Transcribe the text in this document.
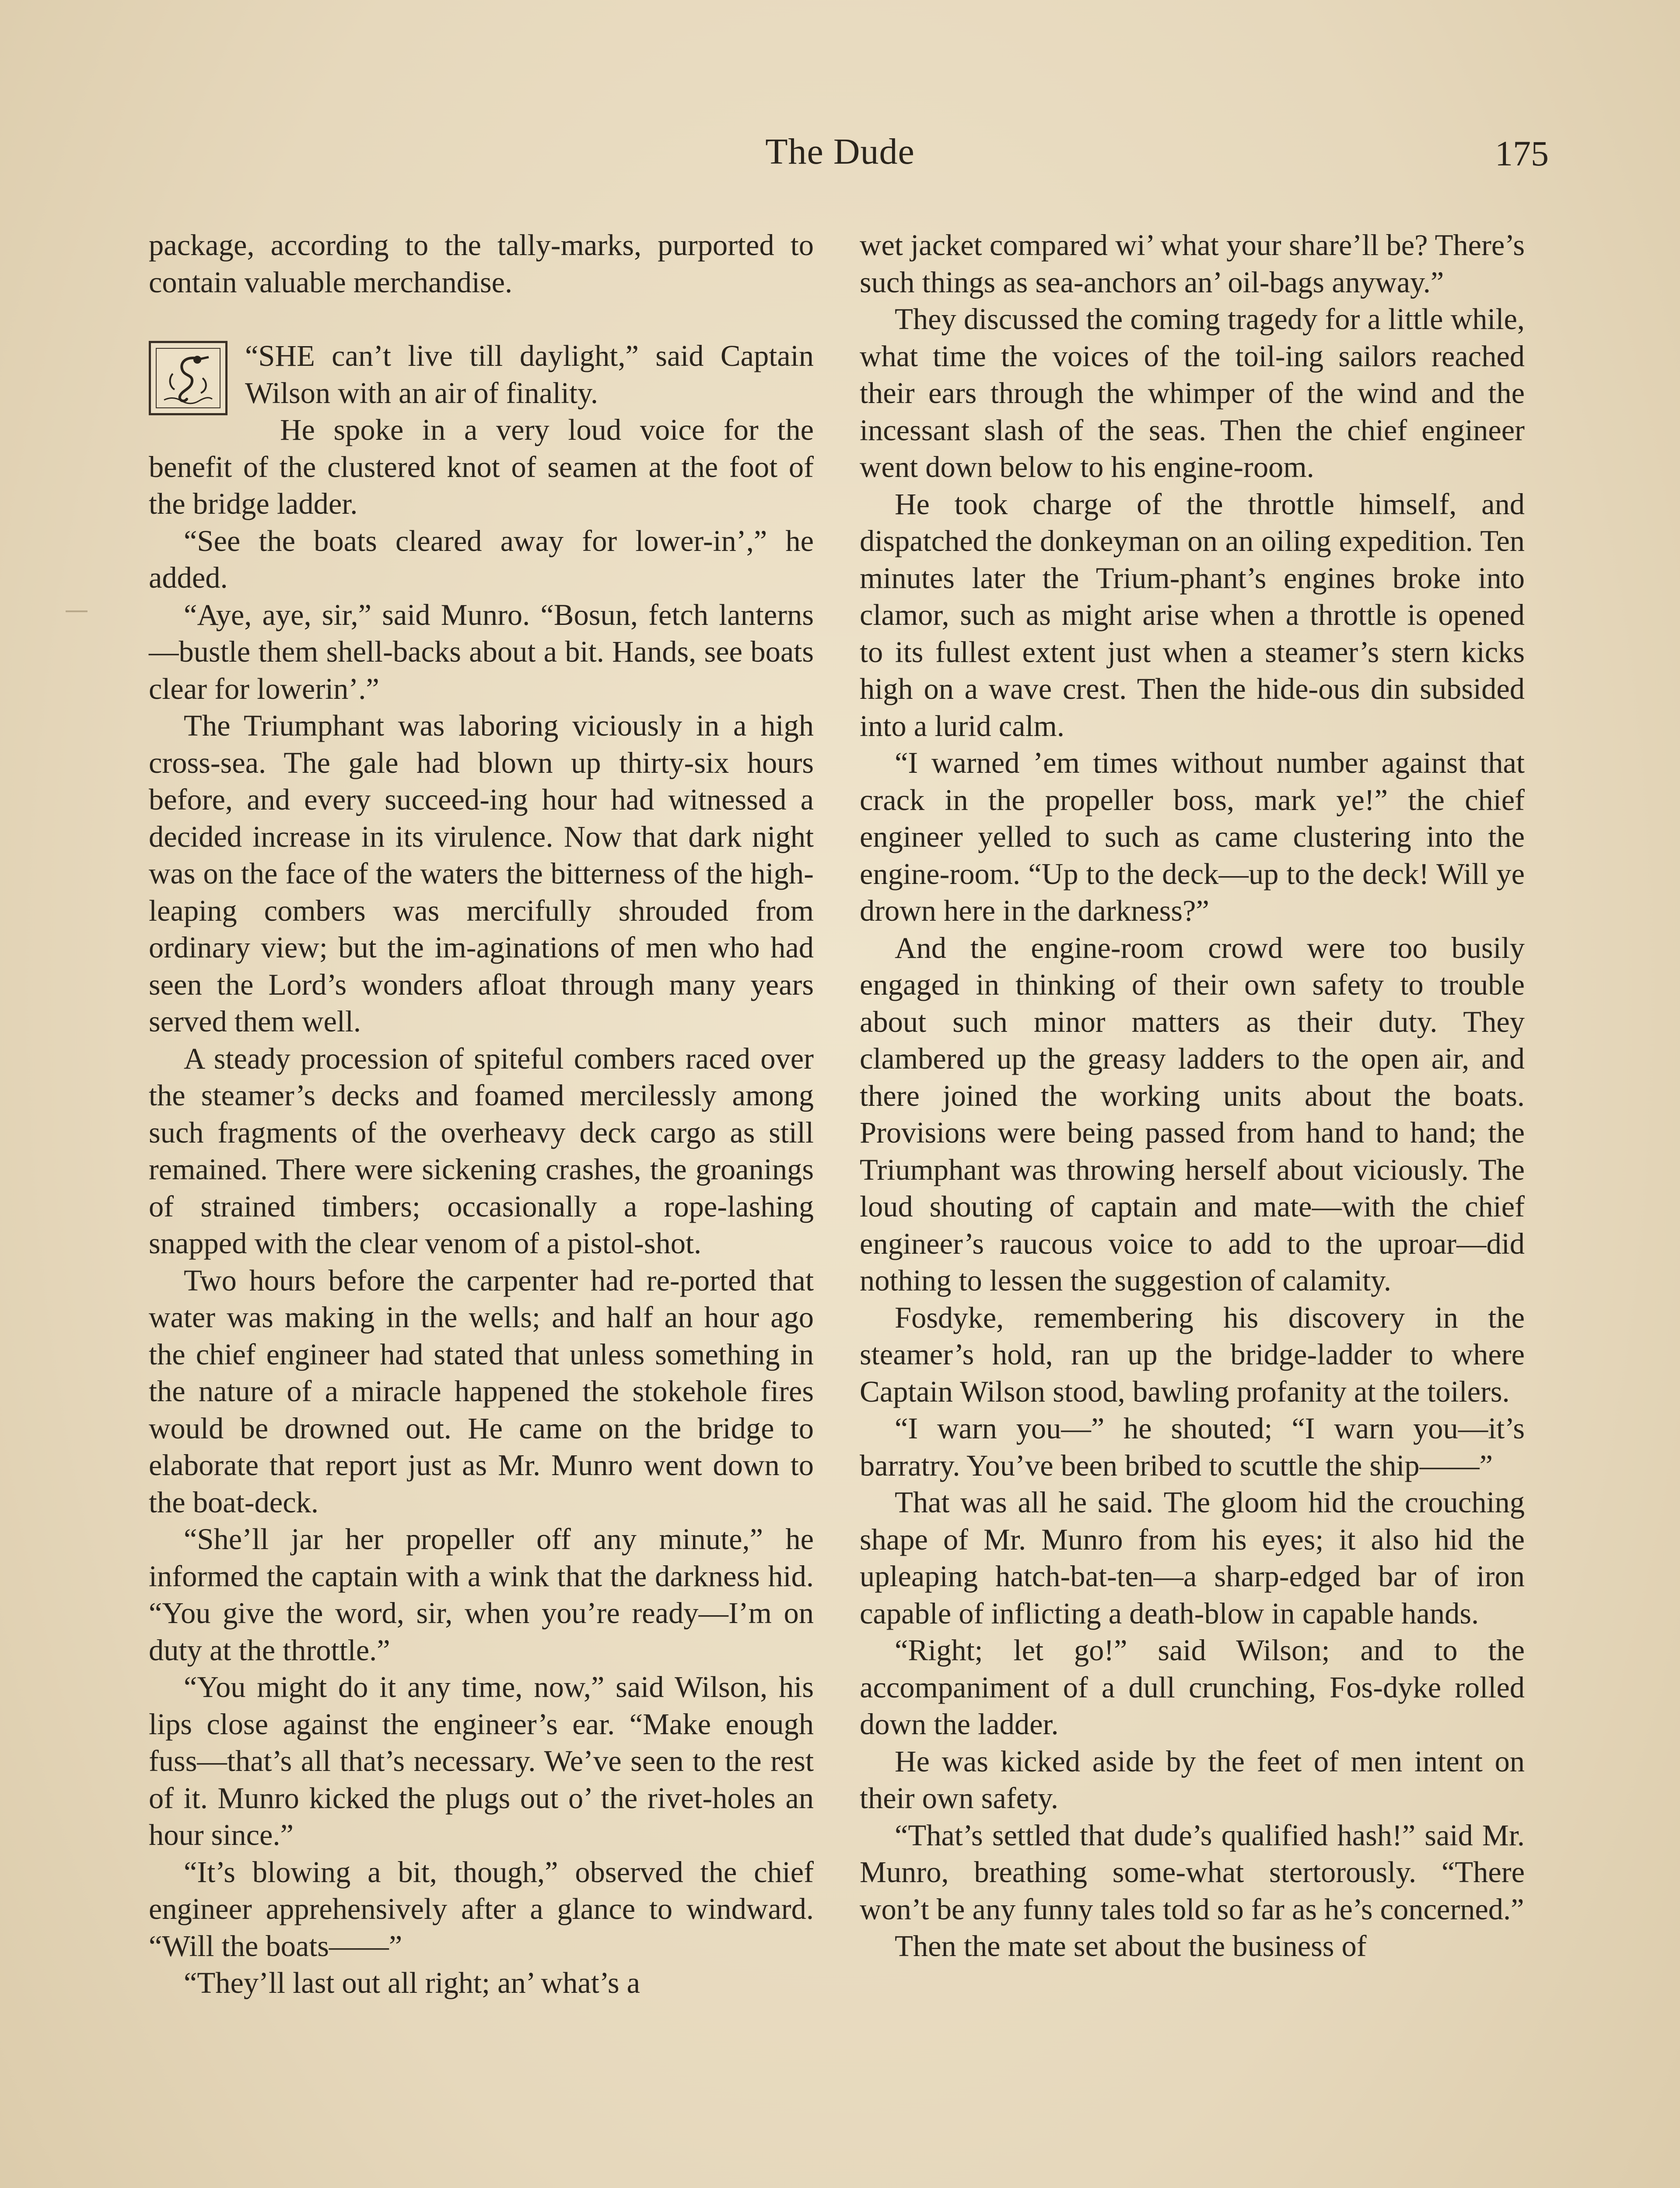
The Dude	175

package, according to the tally-marks, purported to contain valuable merchandise.

“SHE can’t live till daylight,” said Captain Wilson with an air of finality.

He spoke in a very loud voice for the benefit of the clustered knot of seamen at the foot of the bridge ladder.

“See the boats cleared away for lower-in’,” he added.

“Aye, aye, sir,” said Munro. “Bosun, fetch lanterns—bustle them shell-backs about a bit. Hands, see boats clear for lowerin’.”

The Triumphant was laboring viciously in a high cross-sea. The gale had blown up thirty-six hours before, and every succeed-ing hour had witnessed a decided increase in its virulence. Now that dark night was on the face of the waters the bitterness of the high-leaping combers was mercifully shrouded from ordinary view; but the im-aginations of men who had seen the Lord’s wonders afloat through many years served them well.

A steady procession of spiteful combers raced over the steamer’s decks and foamed mercilessly among such fragments of the overheavy deck cargo as still remained. There were sickening crashes, the groanings of strained timbers; occasionally a rope-lashing snapped with the clear venom of a pistol-shot.

Two hours before the carpenter had re-ported that water was making in the wells; and half an hour ago the chief engineer had stated that unless something in the nature of a miracle happened the stokehole fires would be drowned out. He came on the bridge to elaborate that report just as Mr. Munro went down to the boat-deck.

“She’ll jar her propeller off any minute,” he informed the captain with a wink that the darkness hid. “You give the word, sir, when you’re ready—I’m on duty at the throttle.”

“You might do it any time, now,” said Wilson, his lips close against the engineer’s ear. “Make enough fuss—that’s all that’s necessary. We’ve seen to the rest of it. Munro kicked the plugs out o’ the rivet-holes an hour since.”

“It’s blowing a bit, though,” observed the chief engineer apprehensively after a glance to windward. “Will the boats——”

“They’ll last out all right; an’ what’s a

wet jacket compared wi’ what your share’ll be? There’s such things as sea-anchors an’ oil-bags anyway.”

They discussed the coming tragedy for a little while, what time the voices of the toil-ing sailors reached their ears through the whimper of the wind and the incessant slash of the seas. Then the chief engineer went down below to his engine-room.

He took charge of the throttle himself, and dispatched the donkeyman on an oiling expedition. Ten minutes later the Trium-phant’s engines broke into clamor, such as might arise when a throttle is opened to its fullest extent just when a steamer’s stern kicks high on a wave crest. Then the hide-ous din subsided into a lurid calm.

“I warned ’em times without number against that crack in the propeller boss, mark ye!” the chief engineer yelled to such as came clustering into the engine-room. “Up to the deck—up to the deck! Will ye drown here in the darkness?”

And the engine-room crowd were too busily engaged in thinking of their own safety to trouble about such minor matters as their duty. They clambered up the greasy ladders to the open air, and there joined the working units about the boats. Provisions were being passed from hand to hand; the Triumphant was throwing herself about viciously. The loud shouting of captain and mate—with the chief engineer’s raucous voice to add to the uproar—did nothing to lessen the suggestion of calamity.

Fosdyke, remembering his discovery in the steamer’s hold, ran up the bridge-ladder to where Captain Wilson stood, bawling profanity at the toilers.

“I warn you—” he shouted; “I warn you—it’s barratry. You’ve been bribed to scuttle the ship——”

That was all he said. The gloom hid the crouching shape of Mr. Munro from his eyes; it also hid the upleaping hatch-bat-ten—a sharp-edged bar of iron capable of inflicting a death-blow in capable hands.

“Right; let go!” said Wilson; and to the accompaniment of a dull crunching, Fos-dyke rolled down the ladder.

He was kicked aside by the feet of men intent on their own safety.

“That’s settled that dude’s qualified hash!” said Mr. Munro, breathing some-what stertorously. “There won’t be any funny tales told so far as he’s concerned.”

Then the mate set about the business of
